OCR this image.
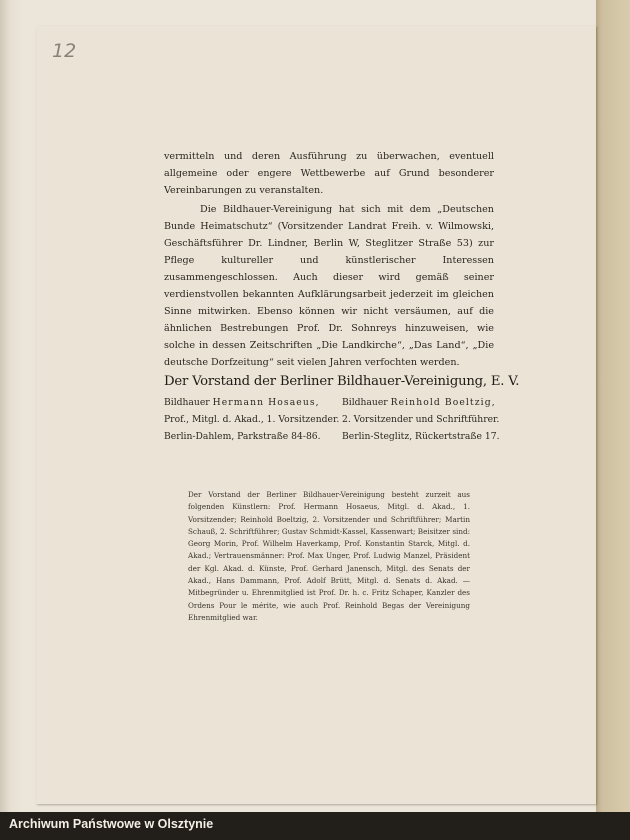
12

vermitteln und deren Ausführung zu überwachen, eventuell allgemeine oder engere Wettbewerbe auf Grund besonderer Vereinbarungen zu veranstalten.

Die Bildhauer-Vereinigung hat sich mit dem „Deutschen Bunde Heimatschutz“ (Vorsitzender Landrat Freih. v. Wilmowski, Geschäftsführer Dr. Lindner, Berlin W, Steglitzer Straße 53) zur Pflege kultureller und künstlerischer Interessen zusammengeschlossen. Auch dieser wird gemäß seiner verdienstvollen bekannten Aufklärungsarbeit jederzeit im gleichen Sinne mitwirken. Ebenso können wir nicht versäumen, auf die ähnlichen Bestrebungen Prof. Dr. Sohnreys hinzuweisen, wie solche in dessen Zeitschriften „Die Landkirche“, „Das Land“, „Die deutsche Dorfzeitung“ seit vielen Jahren verfochten werden.

Der Vorstand der Berliner Bildhauer-Vereinigung, E. V.
Bildhauer Hermann Hosaeus,
Prof., Mitgl. d. Akad., 1. Vorsitzender.
Berlin-Dahlem, Parkstraße 84-86.
Bildhauer Reinhold Boeltzig,
2. Vorsitzender und Schriftführer.
Berlin-Steglitz, Rückertstraße 17.
Der Vorstand der Berliner Bildhauer-Vereinigung besteht zurzeit aus folgenden Künstlern: Prof. Hermann Hosaeus, Mitgl. d. Akad., 1. Vorsitzender; Reinhold Boeltzig, 2. Vorsitzender und Schriftführer; Martin Schauß, 2. Schriftführer; Gustav Schmidt-Kassel, Kassenwart; Beisitzer sind: Georg Morin, Prof. Wilhelm Haverkamp, Prof. Konstantin Starck, Mitgl. d. Akad.; Vertrauensmänner: Prof. Max Unger, Prof. Ludwig Manzel, Präsident der Kgl. Akad. d. Künste, Prof. Gerhard Janensch, Mitgl. des Senats der Akad., Hans Dammann, Prof. Adolf Brütt, Mitgl. d. Senats d. Akad. — Mitbegründer u. Ehrenmitglied ist Prof. Dr. h. c. Fritz Schaper, Kanzler des Ordens Pour le mérite, wie auch Prof. Reinhold Begas der Vereinigung Ehrenmitglied war.
Archiwum Państwowe w Olsztynie
